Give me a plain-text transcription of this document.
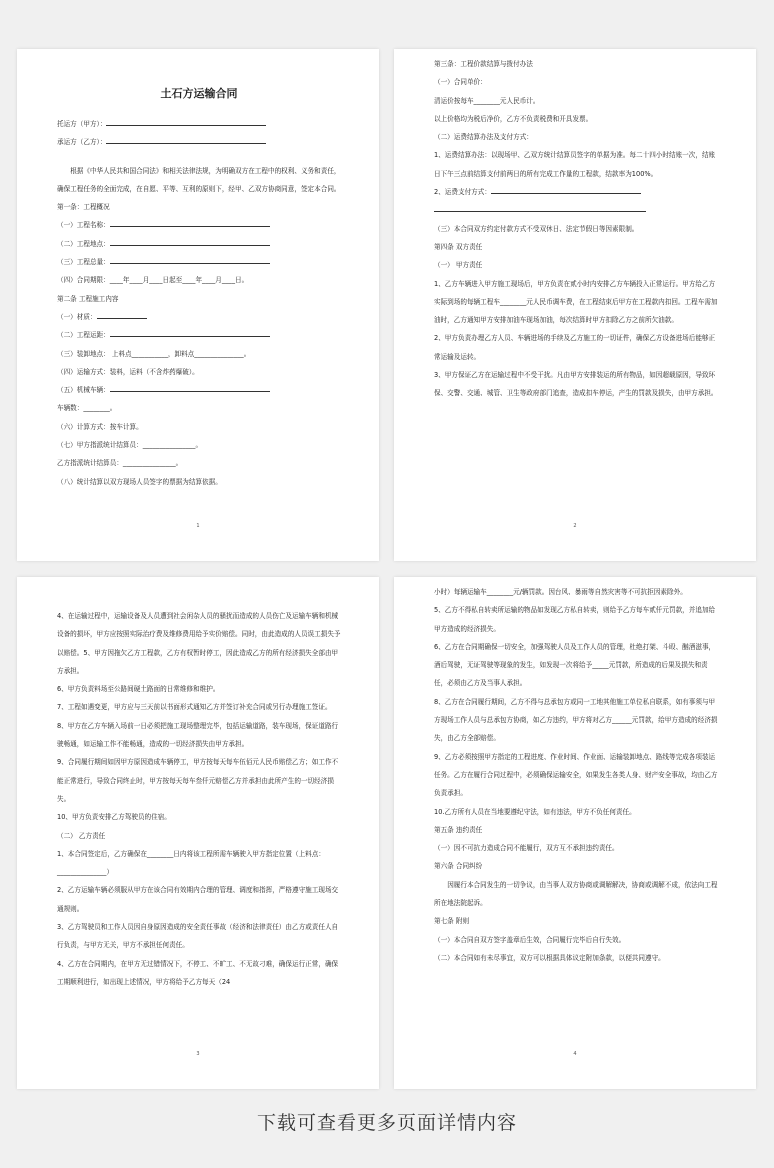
土石方运输合同
托运方（甲方）：
承运方（乙方）：
根据《中华人民共和国合同法》和相关法律法规，为明确双方在工程中的权利、义务和责任，确保工程任务的全面完成，在自愿、平等、互利的原则下，经甲、乙双方协商同意，签定本合同。
第一条：工程概况
（一）工程名称：
（二）工程地点：
（三）工程总量：
（四）合同期限：____年____月____日起至____年____月____日。
第二条 工程施工内容
（一）材质：
（二）工程运距：
（三）装卸地点： 上料点___________，卸料点_______________。
（四）运输方式：装料，运料（不含炸药爆破）。
（五）机械车辆：
车辆数：________。
（六）计算方式：按车计算。
（七）甲方指派统计结算员：________________。
乙方指派统计结算员：________________。
（八）统计结算以双方现场人员签字的票据为结算依据。
1
第三条：工程价款结算与拨付办法
（一）合同单价：
清运价按每车________元人民币计。
以上价格均为税后净价，乙方不负责税费和开具发票。
（二）运费结算办法及支付方式：
1、运费结算办法：以现场甲、乙双方统计结算员签字的单据为准。每二十四小时结账一次，结账日下午三点前结算支付前两日的所有完成工作量的工程款，结款率为100%。
2、运费支付方式：
（三）本合同双方约定付款方式不受双休日、法定节假日等因素限制。
第四条 双方责任
（一） 甲方责任
1、乙方车辆进入甲方施工现场后，甲方负责在贰小时内安排乙方车辆投入正常运行。甲方给乙方实际到场的每辆工程车________元人民币调车费，在工程结束后甲方在工程款内扣回。工程车需加油时，乙方通知甲方安排加油车现场加油，每次结算时甲方扣除乙方之前所欠油款。
2、甲方负责办理乙方人员、车辆进场的手续及乙方施工的一切证件，确保乙方设备进场后能够正常运输及运转。
3、甲方保证乙方在运输过程中不受干扰。凡由甲方安排装运的所有物品，如因超载原因，导致环保、交警、交通、城管、卫生等政府部门追查，造成扣车停运，产生的罚款及损失，由甲方承担。
2
4、在运输过程中，运输设备及人员遭到社会闲杂人员的骚扰而造成的人员伤亡及运输车辆和机械设备的损坏，甲方应按照实际治疗费及维修费用给予实价赔偿。同时，由此造成的人员误工损失予以赔偿。5、甲方因拖欠乙方工程款，乙方有权暂时停工，因此造成乙方的所有经济损失全部由甲方承担。
6、甲方负责料场至公路间硬土路面的日常维修和维护。
7、工程如遇变更，甲方应与三天前以书面形式通知乙方并签订补充合同或另行办理施工签证。
8、甲方在乙方车辆入场前一日必须把施工现场整理完毕，包括运输道路，装车现场，保证道路行驶畅通，如运输工作不能畅通，造成的一切经济损失由甲方承担。
9、合同履行期间如因甲方原因造成车辆停工，甲方按每天每车伍佰元人民币赔偿乙方；如工作不能正常进行，导致合同终止时，甲方按每天每车叁仟元赔偿乙方并承担由此所产生的一切经济损失。
10、甲方负责安排乙方驾驶员的住宿。
（二） 乙方责任
1、本合同签定后，乙方确保在________日内将该工程所需车辆驶入甲方指定位置（上料点：_______________）
2、乙方运输车辆必须服从甲方在该合同有效期内合理的管理、调度和指挥，严格遵守施工现场交通规则。
3、乙方驾驶员和工作人员因自身原因造成的安全责任事故（经济和法律责任）由乙方或责任人自行负责，与甲方无关，甲方不承担任何责任。
4、乙方在合同期内，在甲方无过错情况下，不停工、不旷工、不无故刁难，确保运行正常，确保工期顺利进行，如出现上述情况，甲方将给予乙方每天（24
3
小时）每辆运输车________元/辆罚款。因台风、暴雨等自然灾害等不可抗拒因素除外。
5、乙方不得私自转卖所运输的物品如发现乙方私自转卖，则给予乙方每车贰仟元罚款，并追加给甲方造成的经济损失。
6、乙方在合同期确保一切安全，加强驾驶人员及工作人员的管理，杜绝打架、斗殴、酗酒滋事，酒后驾驶，无证驾驶等现象的发生，如发现一次将给予_____元罚款，所造成的后果及损失和责任，必须由乙方及当事人承担。
8、乙方在合同履行期间，乙方不得与总承包方或同一工地其他施工单位私自联系，如有事须与甲方现场工作人员与总承包方协商，如乙方违约，甲方将对乙方______元罚款，给甲方造成的经济损失，由乙方全部赔偿。
9、乙方必须按照甲方指定的工程进度、作业时间、作业面、运输装卸地点、路线等完成各项装运任务。乙方在履行合同过程中，必须确保运输安全，如果发生各类人身、财产安全事故，均由乙方负责承担。
10.乙方所有人员在当地要遵纪守法，如有违法，甲方不负任何责任。
第五条 违约责任
（一）因不可抗力造成合同不能履行，双方互不承担违约责任。
第六条 合同纠纷
因履行本合同发生的一切争议，由当事人双方协商或调解解决，协商或调解不成，依法向工程所在地法院起诉。
第七条 附则
（一）本合同自双方签字盖章后生效，合同履行完毕后自行失效。
（二）本合同如有未尽事宜，双方可以根据具体议定附加条款，以便共同遵守。
4
下载可查看更多页面详情内容
